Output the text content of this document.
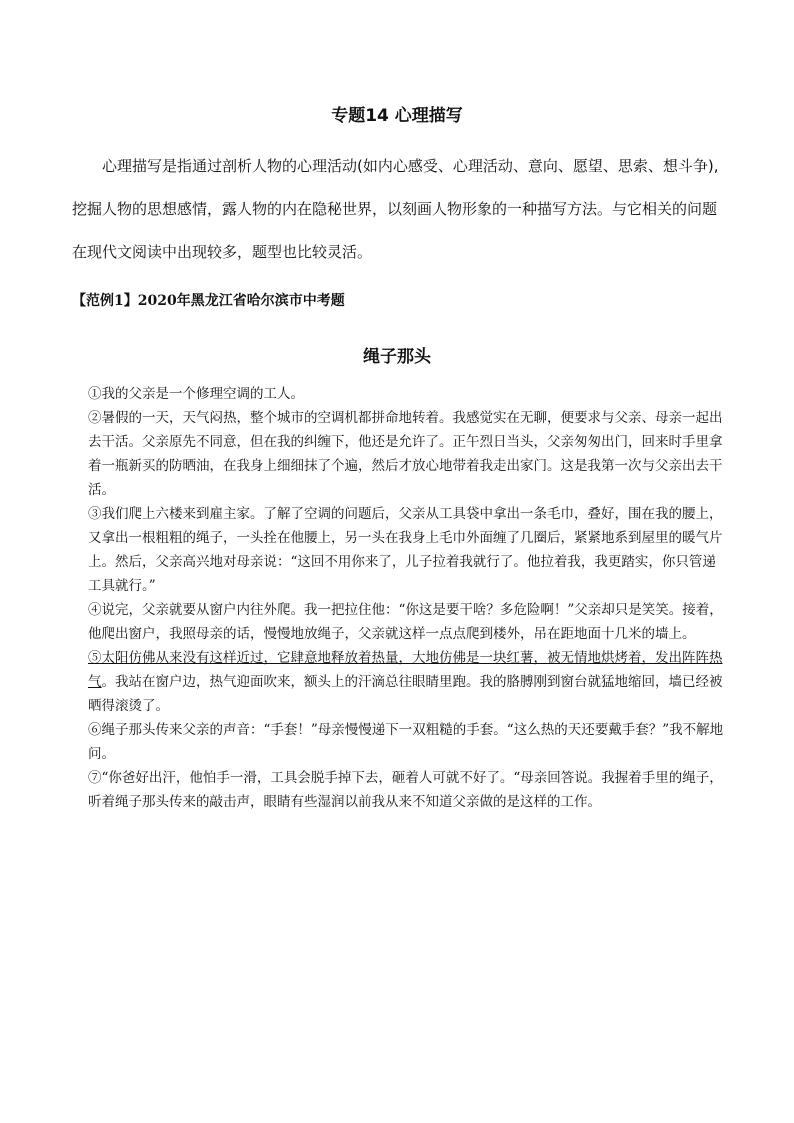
专题14 心理描写

心理描写是指通过剖析人物的心理活动(如内心感受、心理活动、意向、愿望、思索、想斗争),挖掘人物的思想感情，露人物的内在隐秘世界，以刻画人物形象的一种描写方法。与它相关的问题在现代文阅读中出现较多，题型也比较灵活。

【范例1】2020年黑龙江省哈尔滨市中考题

绳子那头

①我的父亲是一个修理空调的工人。

②暑假的一天，天气闷热，整个城市的空调机都拼命地转着。我感觉实在无聊，便要求与父亲、母亲一起出去干活。父亲原先不同意，但在我的纠缠下，他还是允许了。正午烈日当头，父亲匆匆出门，回来时手里拿着一瓶新买的防晒油，在我身上细细抹了个遍，然后才放心地带着我走出家门。这是我第一次与父亲出去干活。

③我们爬上六楼来到雇主家。了解了空调的问题后，父亲从工具袋中拿出一条毛巾，叠好，围在我的腰上，又拿出一根粗粗的绳子，一头拴在他腰上，另一头在我身上毛巾外面缠了几圈后，紧紧地系到屋里的暖气片上。然后，父亲高兴地对母亲说：“这回不用你来了，儿子拉着我就行了。他拉着我，我更踏实，你只管递工具就行。”

④说完，父亲就要从窗户内往外爬。我一把拉住他：“你这是要干啥？多危险啊！”父亲却只是笑笑。接着，他爬出窗户，我照母亲的话，慢慢地放绳子，父亲就这样一点点爬到楼外，吊在距地面十几米的墙上。

⑤太阳仿佛从来没有这样近过，它肆意地释放着热量，大地仿佛是一块红薯，被无情地烘烤着，发出阵阵热气。我站在窗户边，热气迎面吹来，额头上的汗滴总往眼睛里跑。我的胳膊刚到窗台就猛地缩回，墙已经被晒得滚烫了。

⑥绳子那头传来父亲的声音：“手套！”母亲慢慢递下一双粗糙的手套。“这么热的天还要戴手套？”我不解地问。

⑦“你爸好出汗，他怕手一滑，工具会脱手掉下去，砸着人可就不好了。“母亲回答说。我握着手里的绳子，听着绳子那头传来的敲击声，眼睛有些湿润以前我从来不知道父亲做的是这样的工作。
